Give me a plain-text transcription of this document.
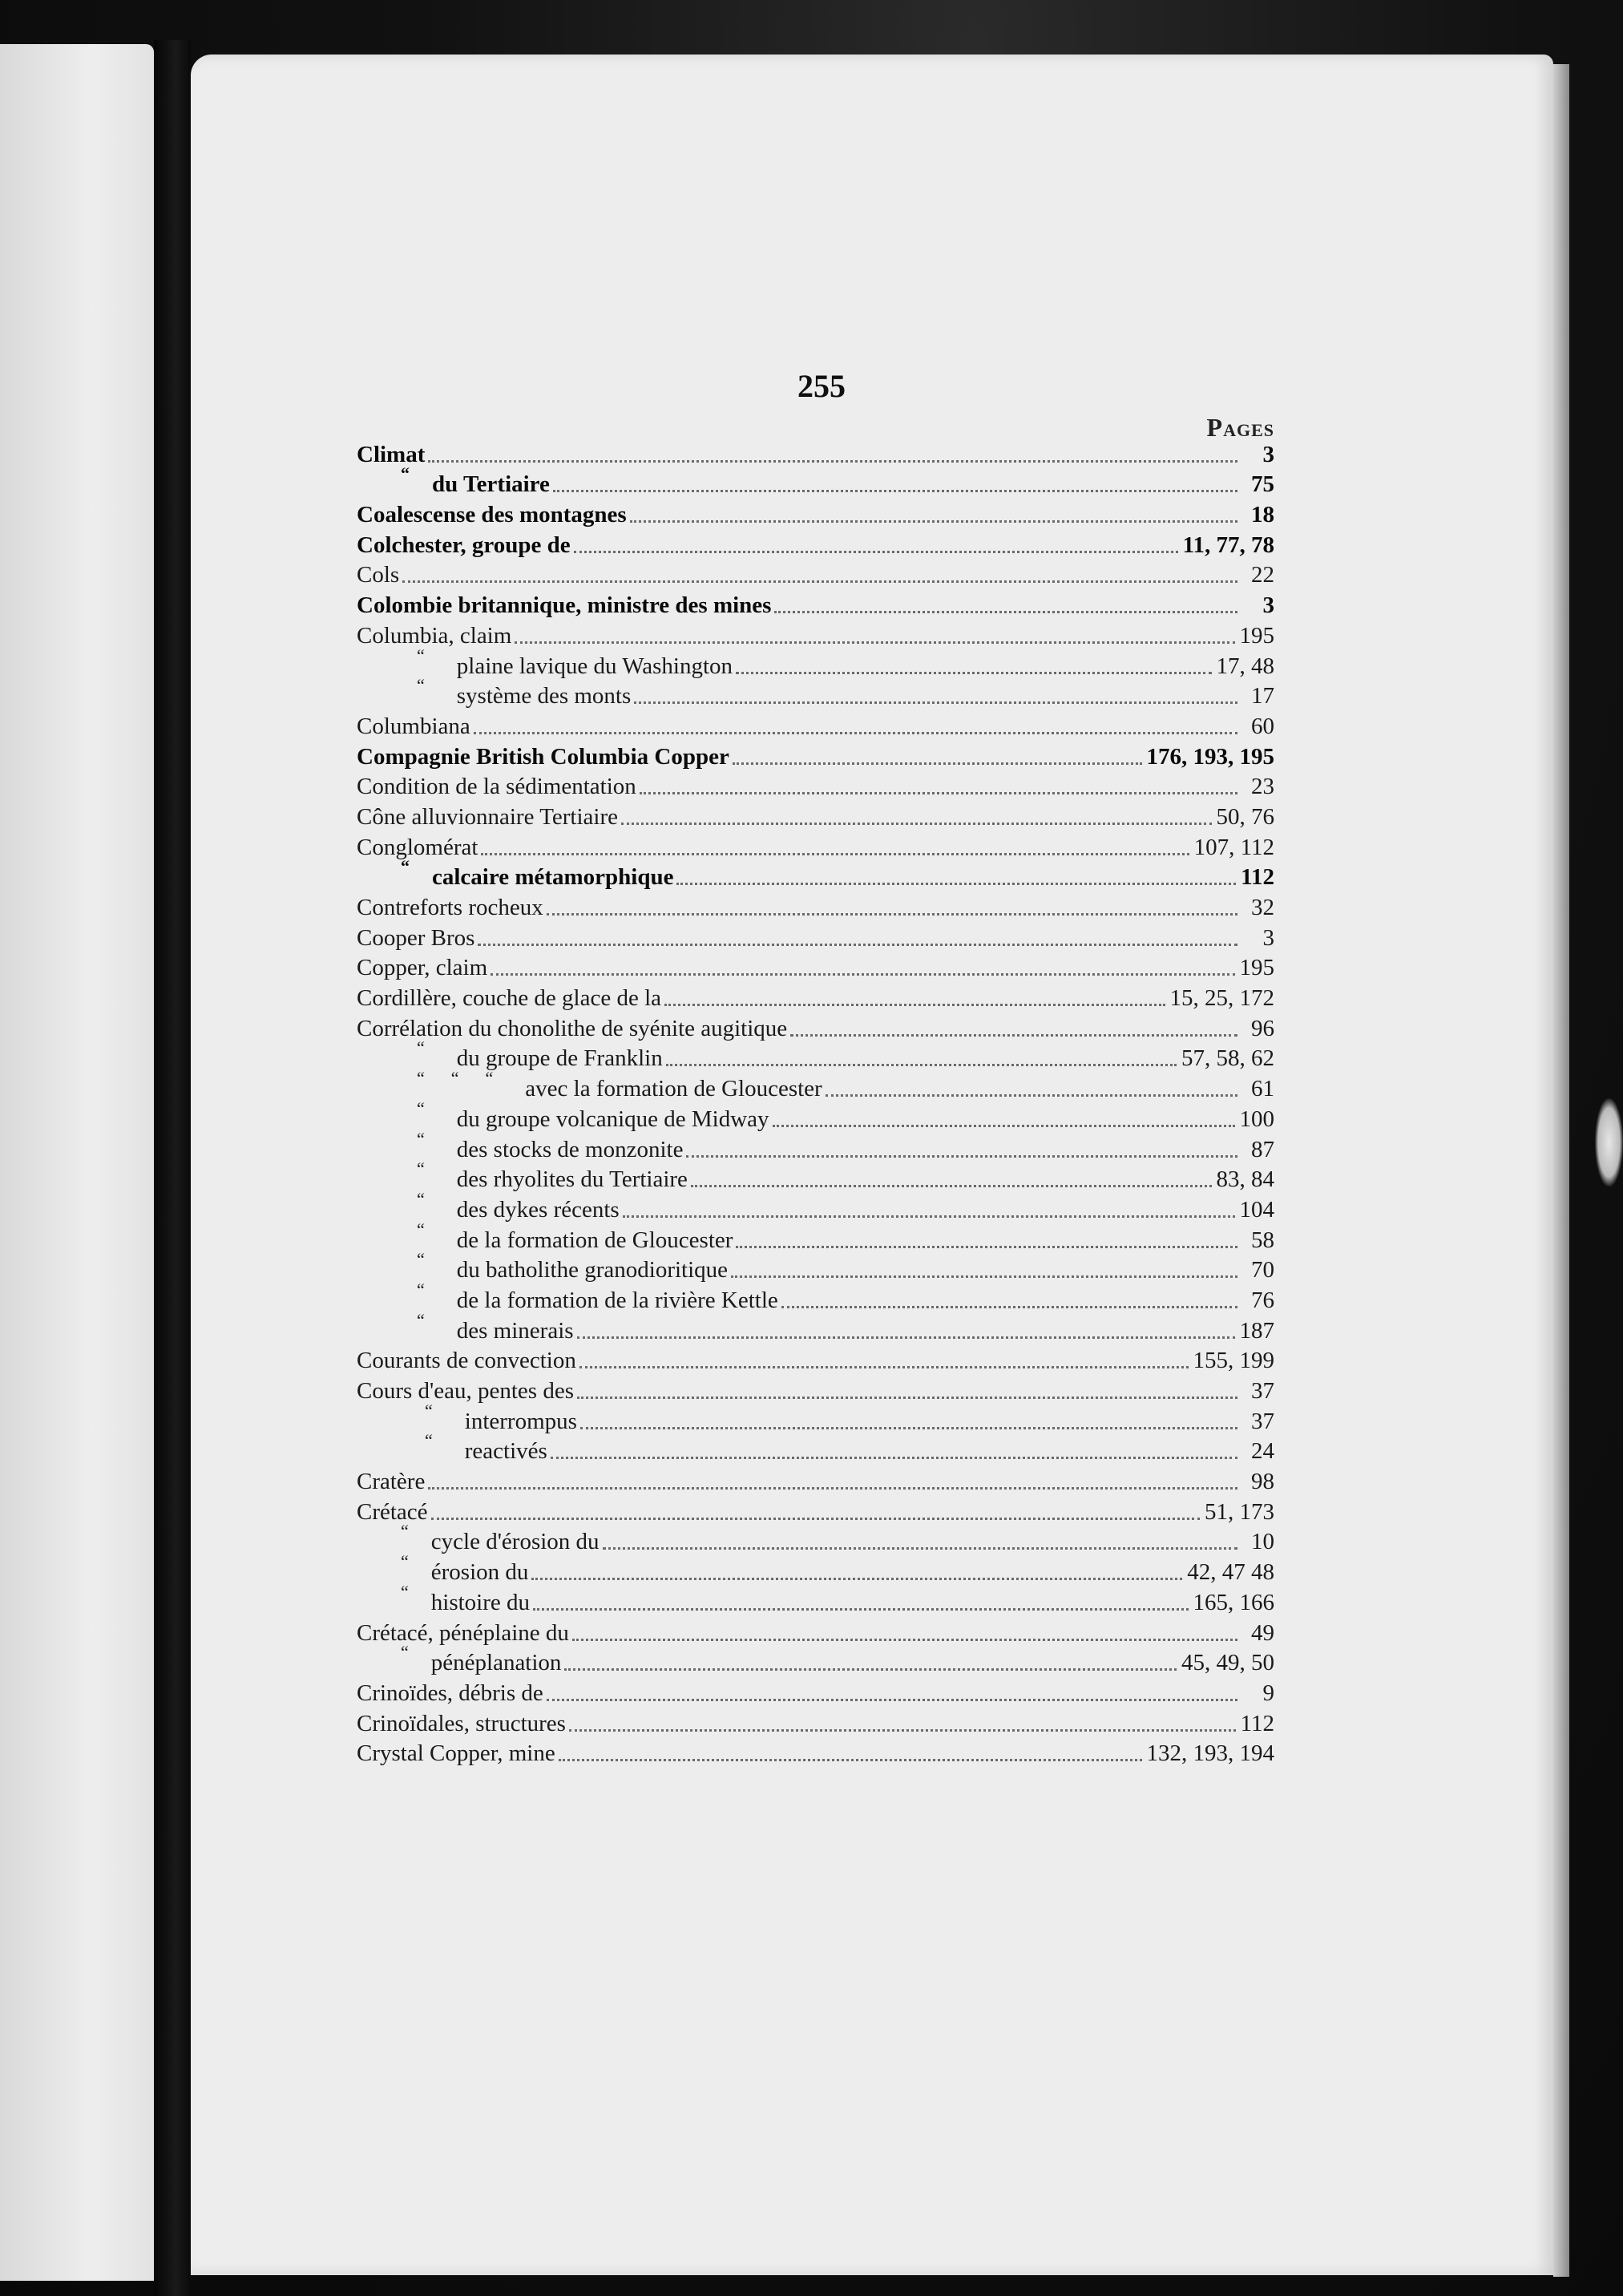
255
Pages
Climat	3
“ du Tertiaire	75
Coalescense des montagnes	18
Colchester, groupe de	11, 77, 78
Cols	22
Colombie britannique, ministre des mines	3
Columbia, claim	195
“ plaine lavique du Washington	17, 48
“ système des monts	17
Columbiana	60
Compagnie British Columbia Copper	176, 193, 195
Condition de la sédimentation	23
Cône alluvionnaire Tertiaire	50, 76
Conglomérat	107, 112
“ calcaire métamorphique	112
Contreforts rocheux	32
Cooper Bros	3
Copper, claim	195
Cordillère, couche de glace de la	15, 25, 172
Corrélation du chonolithe de syénite augitique	96
“ du groupe de Franklin	57, 58, 62
“      “      “ avec la formation de Gloucester	61
“ du groupe volcanique de Midway	100
“ des stocks de monzonite	87
“ des rhyolites du Tertiaire	83, 84
“ des dykes récents	104
“ de la formation de Gloucester	58
“ du batholithe granodioritique	70
“ de la formation de la rivière Kettle	76
“ des minerais	187
Courants de convection	155, 199
Cours d'eau, pentes des	37
“ interrompus	37
“ reactivés	24
Cratère	98
Crétacé	51, 173
“ cycle d'érosion du	10
“ érosion du	42, 47 48
“ histoire du	165, 166
Crétacé, pénéplaine du	49
“ pénéplanation	45, 49, 50
Crinoïdes, débris de	9
Crinoïdales, structures	112
Crystal Copper, mine	132, 193, 194
